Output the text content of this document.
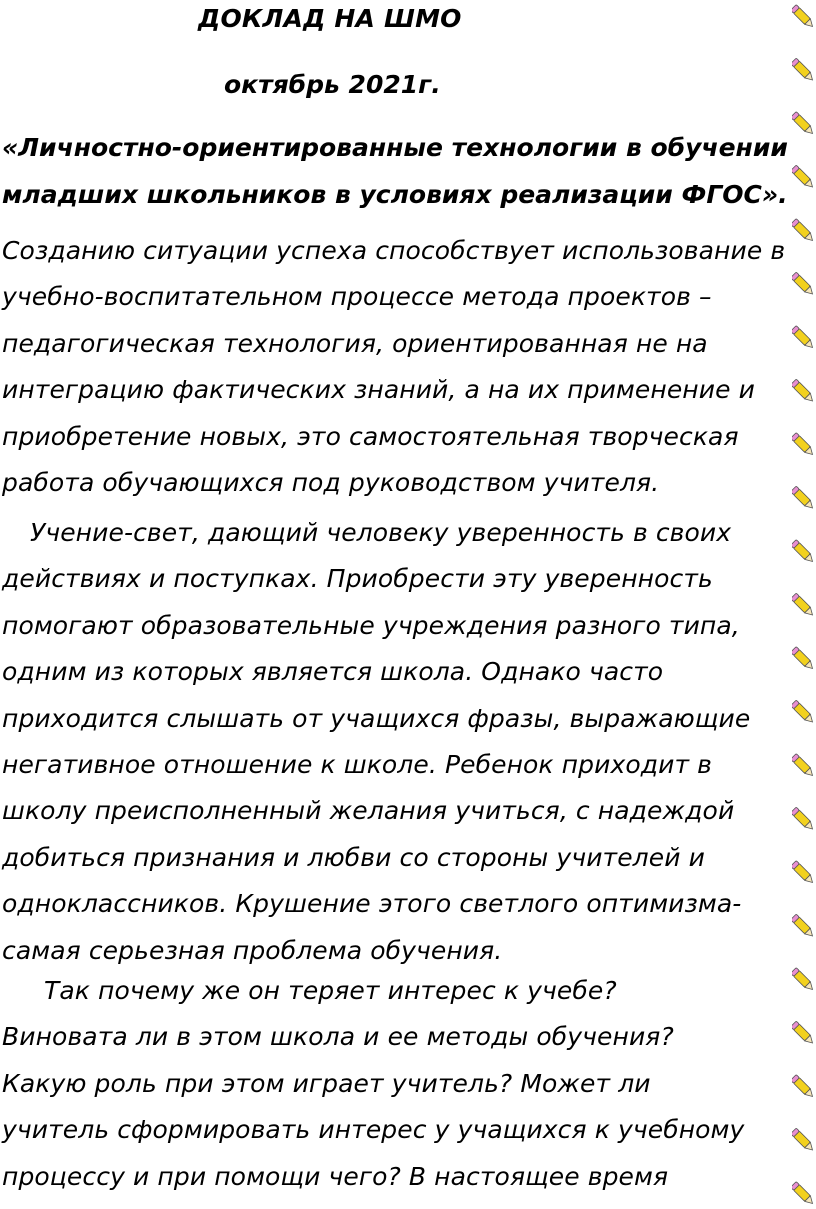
ДОКЛАД НА ШМО
октябрь 2021г.
«Личностно-ориентированные технологии в обучении
младших школьников в условиях реализации ФГОС».
Созданию ситуации успеха способствует использование в
учебно-воспитательном процессе метода проектов –
педагогическая технология, ориентированная не на
интеграцию фактических знаний, а на их применение и
приобретение новых, это самостоятельная творческая
работа обучающихся под руководством учителя.
Учение-свет, дающий человеку уверенность в своих
действиях и поступках. Приобрести эту уверенность
помогают образовательные учреждения разного типа,
одним из которых является школа. Однако часто
приходится слышать от учащихся фразы, выражающие
негативное отношение к школе. Ребенок приходит в
школу преисполненный желания учиться, с надеждой
добиться признания и любви со стороны учителей и
одноклассников. Крушение этого светлого оптимизма-
самая серьезная проблема обучения.
Так почему же он теряет интерес к учебе?
Виновата ли в этом школа и ее методы обучения?
Какую роль при этом играет учитель? Может ли
учитель сформировать интерес у учащихся к учебному
процессу и при помощи чего? В настоящее время
